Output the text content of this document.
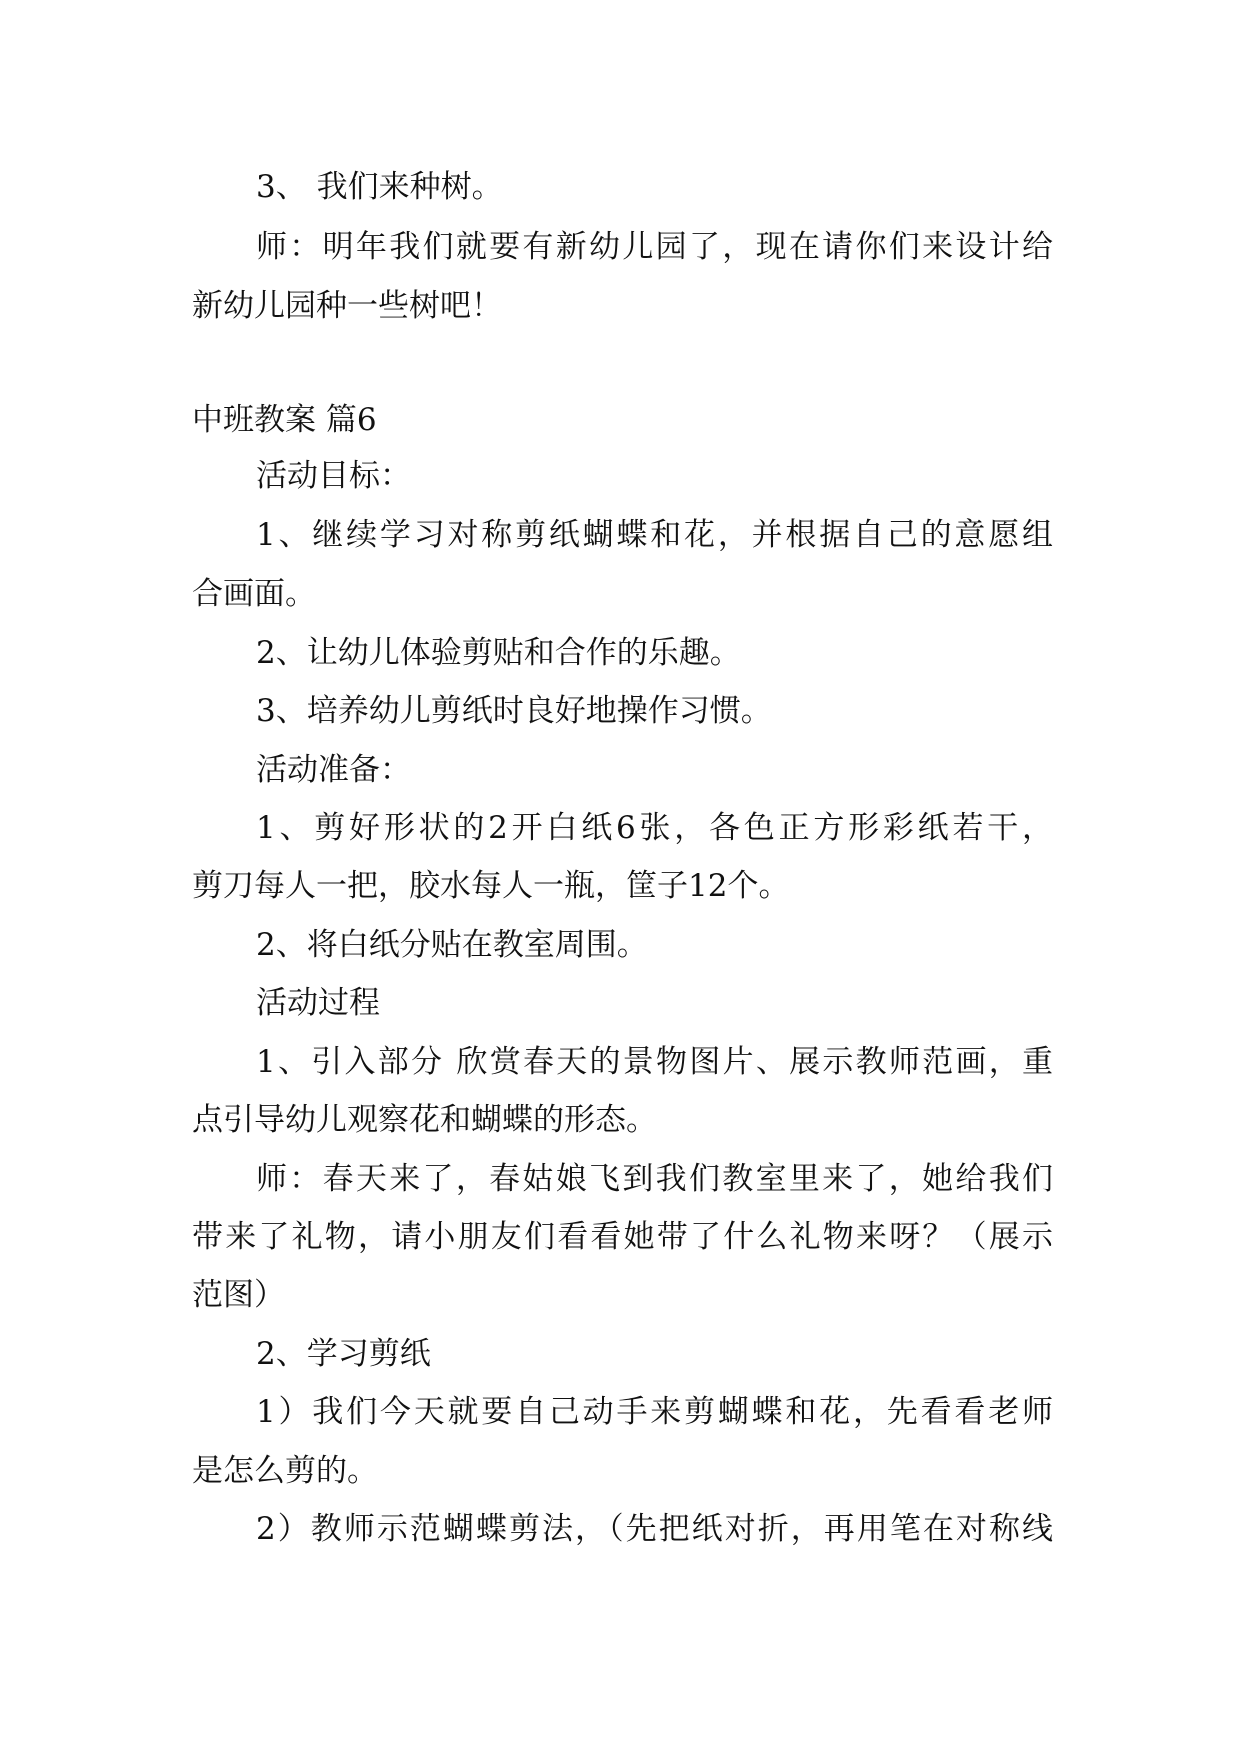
3、 我们来种树。
师：明年我们就要有新幼儿园了，现在请你们来设计给
新幼儿园种一些树吧！
中班教案 篇6
活动目标：
1、继续学习对称剪纸蝴蝶和花，并根据自己的意愿组
合画面。
2、让幼儿体验剪贴和合作的乐趣。
3、培养幼儿剪纸时良好地操作习惯。
活动准备：
1、剪好形状的2开白纸6张，各色正方形彩纸若干，
剪刀每人一把，胶水每人一瓶，筐子12个。
2、将白纸分贴在教室周围。
活动过程
1、引入部分 欣赏春天的景物图片、展示教师范画，重
点引导幼儿观察花和蝴蝶的形态。
师：春天来了，春姑娘飞到我们教室里来了，她给我们
带来了礼物，请小朋友们看看她带了什么礼物来呀？（展示
范图）
2、学习剪纸
1）我们今天就要自己动手来剪蝴蝶和花，先看看老师
是怎么剪的。
2）教师示范蝴蝶剪法，（先把纸对折，再用笔在对称线
